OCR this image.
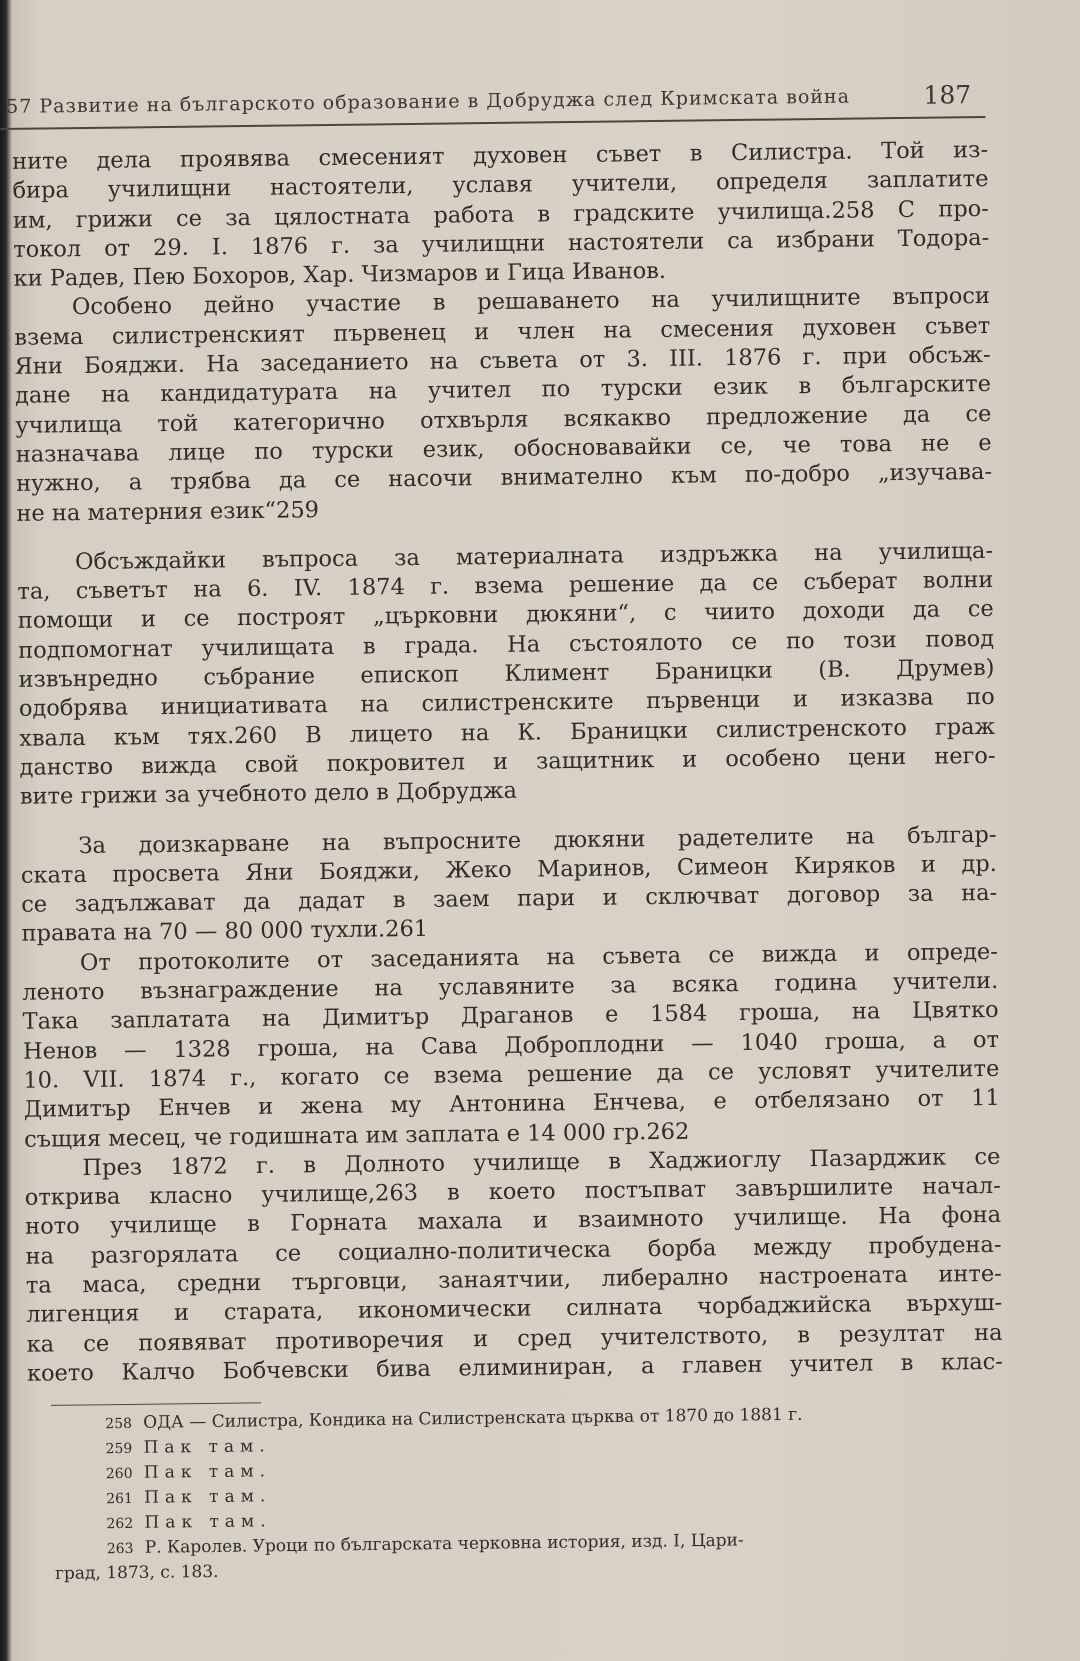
57 Развитие на българското образование в Добруджа след Кримската война	187
ните дела проявява смесеният духовен съвет в Силистра. Той из-
бира училищни настоятели, уславя учители, определя заплатите
им, грижи се за цялостната работа в градските училища.258 С про-
токол от 29. I. 1876 г. за училищни настоятели са избрани Тодора-
ки Радев, Пею Бохоров, Хар. Чизмаров и Гица Иванов.
Особено дейно участие в решаването на училищните въпроси
взема силистренският първенец и член на смесения духовен съвет
Яни Бояджи. На заседанието на съвета от 3. III. 1876 г. при обсъж-
дане на кандидатурата на учител по турски език в българските
училища той категорично отхвърля всякакво предложение да се
назначава лице по турски език, обосновавайки се, че това не е
нужно, а трябва да се насочи внимателно към по-добро „изучава-
не на матерния език“259
Обсъждайки въпроса за материалната издръжка на училища-
та, съветът на 6. IV. 1874 г. взема решение да се съберат волни
помощи и се построят „църковни дюкяни“, с чиито доходи да се
подпомогнат училищата в града. На състоялото се по този повод
извънредно събрание епископ Климент Браницки (В. Друмев)
одобрява инициативата на силистренските първенци и изказва по
хвала към тях.260 В лицето на К. Браницки силистренското граж
данство вижда свой покровител и защитник и особено цени него-
вите грижи за учебното дело в Добруджа
За доизкарване на въпросните дюкяни радетелите на българ-
ската просвета Яни Бояджи, Жеко Маринов, Симеон Киряков и др.
се задължават да дадат в заем пари и сключват договор за на-
правата на 70 — 80 000 тухли.261
От протоколите от заседанията на съвета се вижда и опреде-
леното възнаграждение на уславяните за всяка година учители.
Така заплатата на Димитър Драганов е 1584 гроша, на Цвятко
Ненов — 1328 гроша, на Сава Доброплодни — 1040 гроша, а от
10. VII. 1874 г., когато се взема решение да се условят учителите
Димитър Енчев и жена му Антонина Енчева, е отбелязано от 11
същия месец, че годишната им заплата е 14 000 гр.262
През 1872 г. в Долното училище в Хаджиоглу Пазарджик се
открива класно училище,263 в което постъпват завършилите начал-
ното училище в Горната махала и взаимното училище. На фона
на разгорялата се социално-политическа борба между пробудена-
та маса, средни търговци, занаятчии, либерално настроената инте-
лигенция и старата, икономически силната чорбаджийска върхуш-
ка се появяват противоречия и сред учителството, в резултат на
което Калчо Бобчевски бива елиминиран, а главен учител в клас-
258 ОДА — Силистра, Кондика на Силистренската църква от 1870 до 1881 г.
259 Пак там.
260 Пак там.
261 Пак там.
262 Пак там.
263 Р. Каролев. Уроци по българската черковна история, изд. I, Цари-
град, 1873, с. 183.
